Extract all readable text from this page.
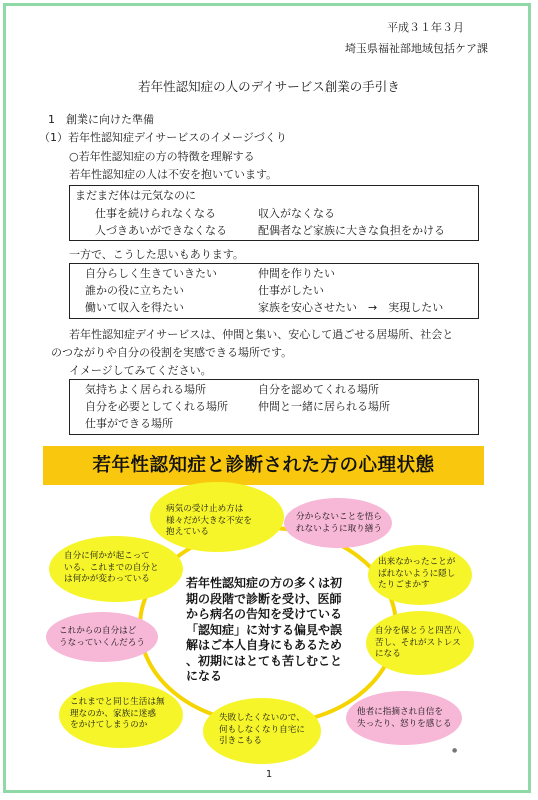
平成３１年３月
埼玉県福祉部地域包括ケア課
若年性認知症の人のデイサービス創業の手引き
1　創業に向けた準備
（1）若年性認知症デイサービスのイメージづくり
○若年性認知症の方の特徴を理解する
若年性認知症の人は不安を抱いています。
まだまだ体は元気なのに
仕事を続けられなくなる	収入がなくなる
人づきあいができなくなる	配偶者など家族に大きな負担をかける
一方で、こうした思いもあります。
自分らしく生きていきたい	仲間を作りたい
誰かの役に立ちたい	仕事がしたい
働いて収入を得たい	家族を安心させたい　→　実現したい
若年性認知症デイサービスは、仲間と集い、安心して過ごせる居場所、社会と
のつながりや自分の役割を実感できる場所です。
イメージしてみてください。
気持ちよく居られる場所	自分を認めてくれる場所
自分を必要としてくれる場所	仲間と一緒に居られる場所
仕事ができる場所
若年性認知症と診断された方の心理状態
若年性認知症の方の多くは初
期の段階で診断を受け、医師
から病名の告知を受けている
「認知症」に対する偏見や誤
解はご本人自身にもあるため
、初期にはとても苦しむこと
になる
病気の受け止め方は
様々だが大きな不安を
抱えている
分からないことを悟ら
れないように取り繕う
出来なかったことが
ばれないように隠し
たりごまかす
自分を保とうと四苦八
苦し、それがストレス
になる
他者に指摘され自信を
失ったり、怒りを感じる
失敗したくないので、
何もしなくなり自宅に
引きこもる
これまでと同じ生活は無
理なのか、家族に迷惑
をかけてしまうのか
これからの自分はど
うなっていくんだろう
自分に何かが起こって
いる、これまでの自分と
は何かが変わっている
●
1
